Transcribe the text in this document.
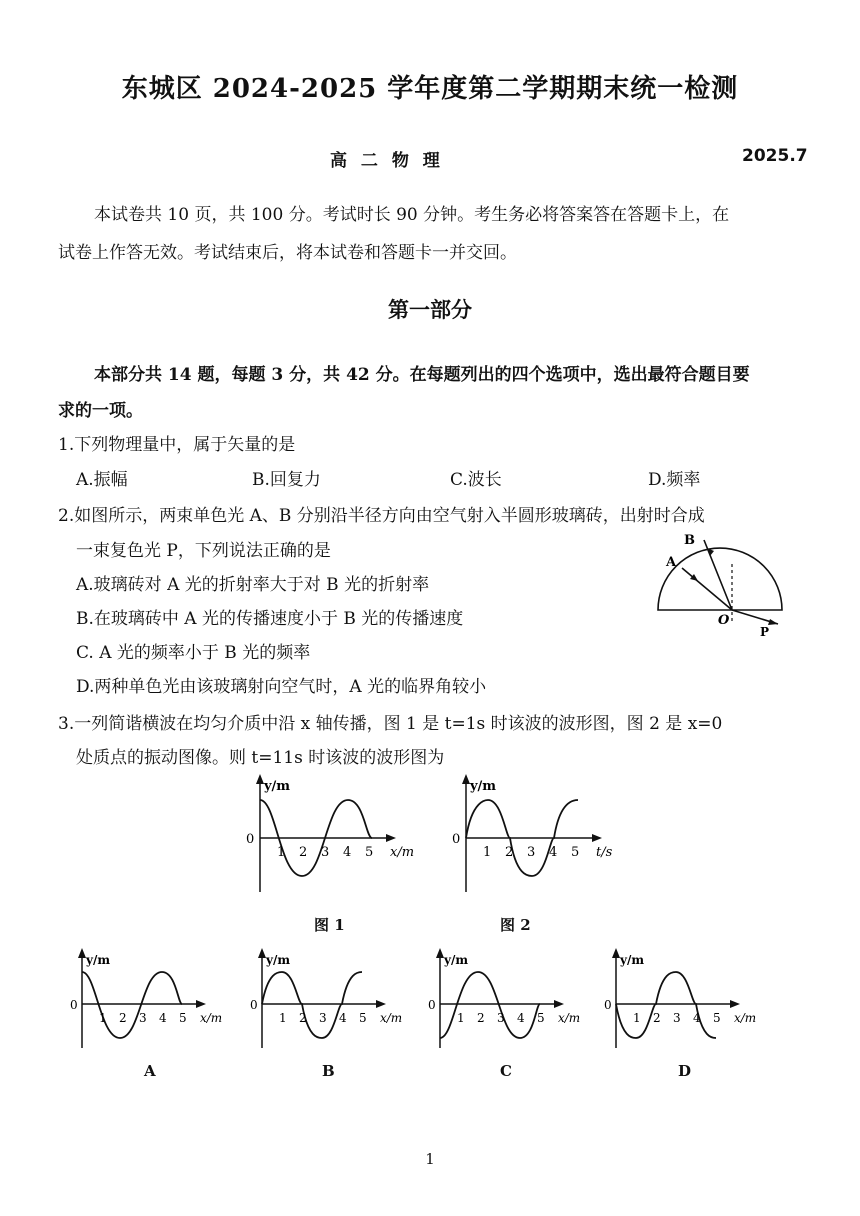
东城区 2024-2025 学年度第二学期期末统一检测
高 二 物 理	2025.7
本试卷共 10 页，共 100 分。考试时长 90 分钟。考生务必将答案答在答题卡上，在
试卷上作答无效。考试结束后，将本试卷和答题卡一并交回。
第一部分
本部分共 14 题，每题 3 分，共 42 分。在每题列出的四个选项中，选出最符合题目要
求的一项。
1.下列物理量中，属于矢量的是
A.振幅	B.回复力	C.波长	D.频率
2.如图所示，两束单色光 A、B 分别沿半径方向由空气射入半圆形玻璃砖，出射时合成
一束复色光 P，下列说法正确的是
A.玻璃砖对 A 光的折射率大于对 B 光的折射率
B.在玻璃砖中 A 光的传播速度小于 B 光的传播速度
C. A 光的频率小于 B 光的频率
D.两种单色光由该玻璃射向空气时，A 光的临界角较小
A
B
O
P
3.一列简谐横波在均匀介质中沿 x 轴传播，图 1 是 t=1s 时该波的波形图，图 2 是 x=0
处质点的振动图像。则 t=11s 时该波的波形图为
y/m
0
1 2 3 4 5 x/m
图 1
y/m
0
1 2 3 4 5 t/s
图 2
y/m
0
1 2 3 4 5 x/m
A
y/m
0
1 2 3 4 5 x/m
B
y/m
0
1 2 3 4 5 x/m
C
y/m
0
1 2 3 4 5 x/m
D
1
